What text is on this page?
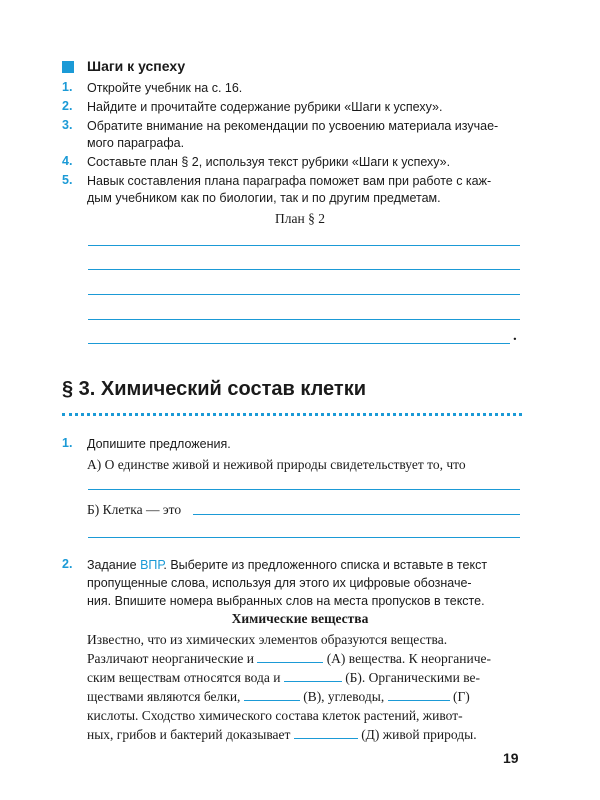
Шаги к успеху
1.	Откройте учебник на с. 16.
2.	Найдите и прочитайте содержание рубрики «Шаги к успеху».
3.	Обратите внимание на рекомендации по усвоению материала изучае-
мого параграфа.
4.	Составьте план § 2, используя текст рубрики «Шаги к успеху».
5.	Навык составления плана параграфа поможет вам при работе с каж-
дым учебником как по биологии, так и по другим предметам.
План § 2
.
§ 3. Химический состав клетки
1.	Допишите предложения.
А) О единстве живой и неживой природы свидетельствует то, что
Б) Клетка — это
2.	Задание ВПР. Выберите из предложенного списка и вставьте в текст
пропущенные слова, используя для этого их цифровые обозначе-
ния. Впишите номера выбранных слов на места пропусков в тексте.
Химические вещества
Известно, что из химических элементов образуются вещества.
Различают неорганические и	(А) вещества. К неорганиче-
ским веществам относятся вода и	(Б). Органическими ве-
ществами являются белки,	(В), углеводы,	(Г)
кислоты. Сходство химического состава клеток растений, живот-
ных, грибов и бактерий доказывает	(Д) живой природы.
19
